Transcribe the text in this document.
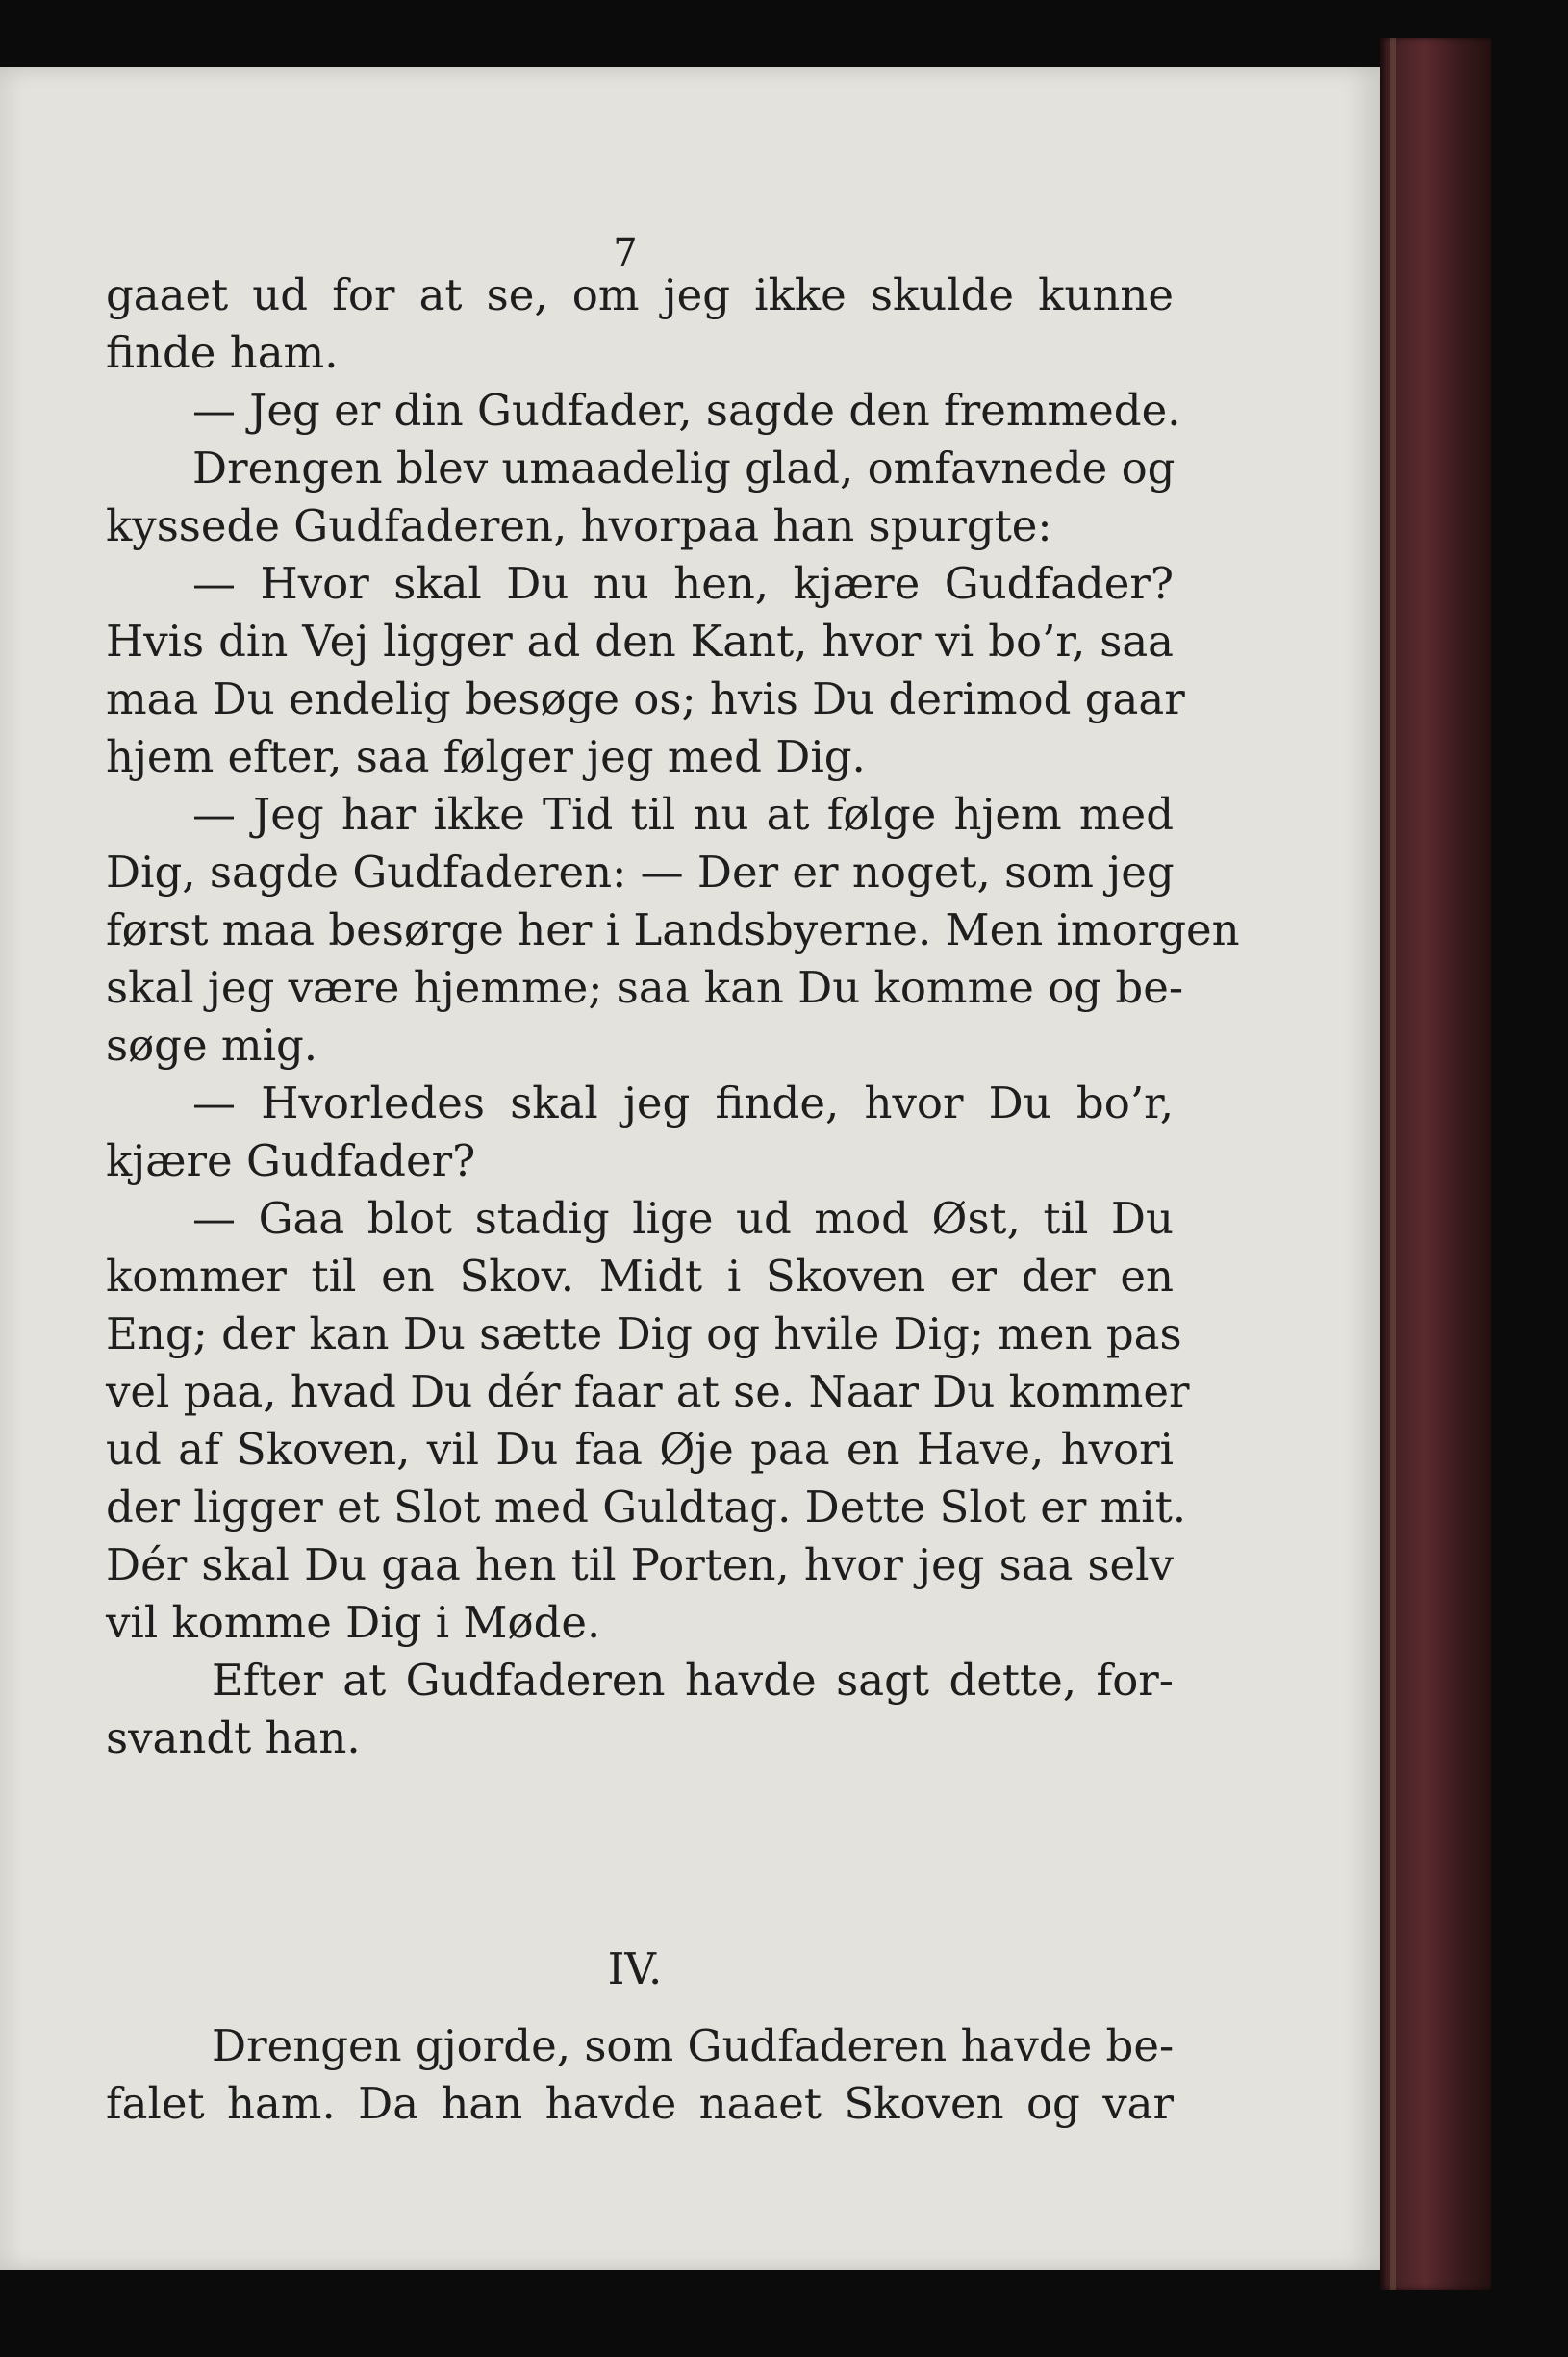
7
gaaet ud for at se, om jeg ikke skulde kunne
finde ham.
— Jeg er din Gudfader, sagde den fremmede.
Drengen blev umaadelig glad, omfavnede og
kyssede Gudfaderen, hvorpaa han spurgte:
— Hvor skal Du nu hen, kjære Gudfader?
Hvis din Vej ligger ad den Kant, hvor vi bo’r, saa
maa Du endelig besøge os; hvis Du derimod gaar
hjem efter, saa følger jeg med Dig.
— Jeg har ikke Tid til nu at følge hjem med
Dig, sagde Gudfaderen: — Der er noget, som jeg
først maa besørge her i Landsbyerne. Men imorgen
skal jeg være hjemme; saa kan Du komme og be-
søge mig.
— Hvorledes skal jeg finde, hvor Du bo’r,
kjære Gudfader?
— Gaa blot stadig lige ud mod Øst, til Du
kommer til en Skov. Midt i Skoven er der en
Eng; der kan Du sætte Dig og hvile Dig; men pas
vel paa, hvad Du dér faar at se. Naar Du kommer
ud af Skoven, vil Du faa Øje paa en Have, hvori
der ligger et Slot med Guldtag. Dette Slot er mit.
Dér skal Du gaa hen til Porten, hvor jeg saa selv
vil komme Dig i Møde.
Efter at Gudfaderen havde sagt dette, for-
svandt han.
IV.
Drengen gjorde, som Gudfaderen havde be-
falet ham. Da han havde naaet Skoven og var
